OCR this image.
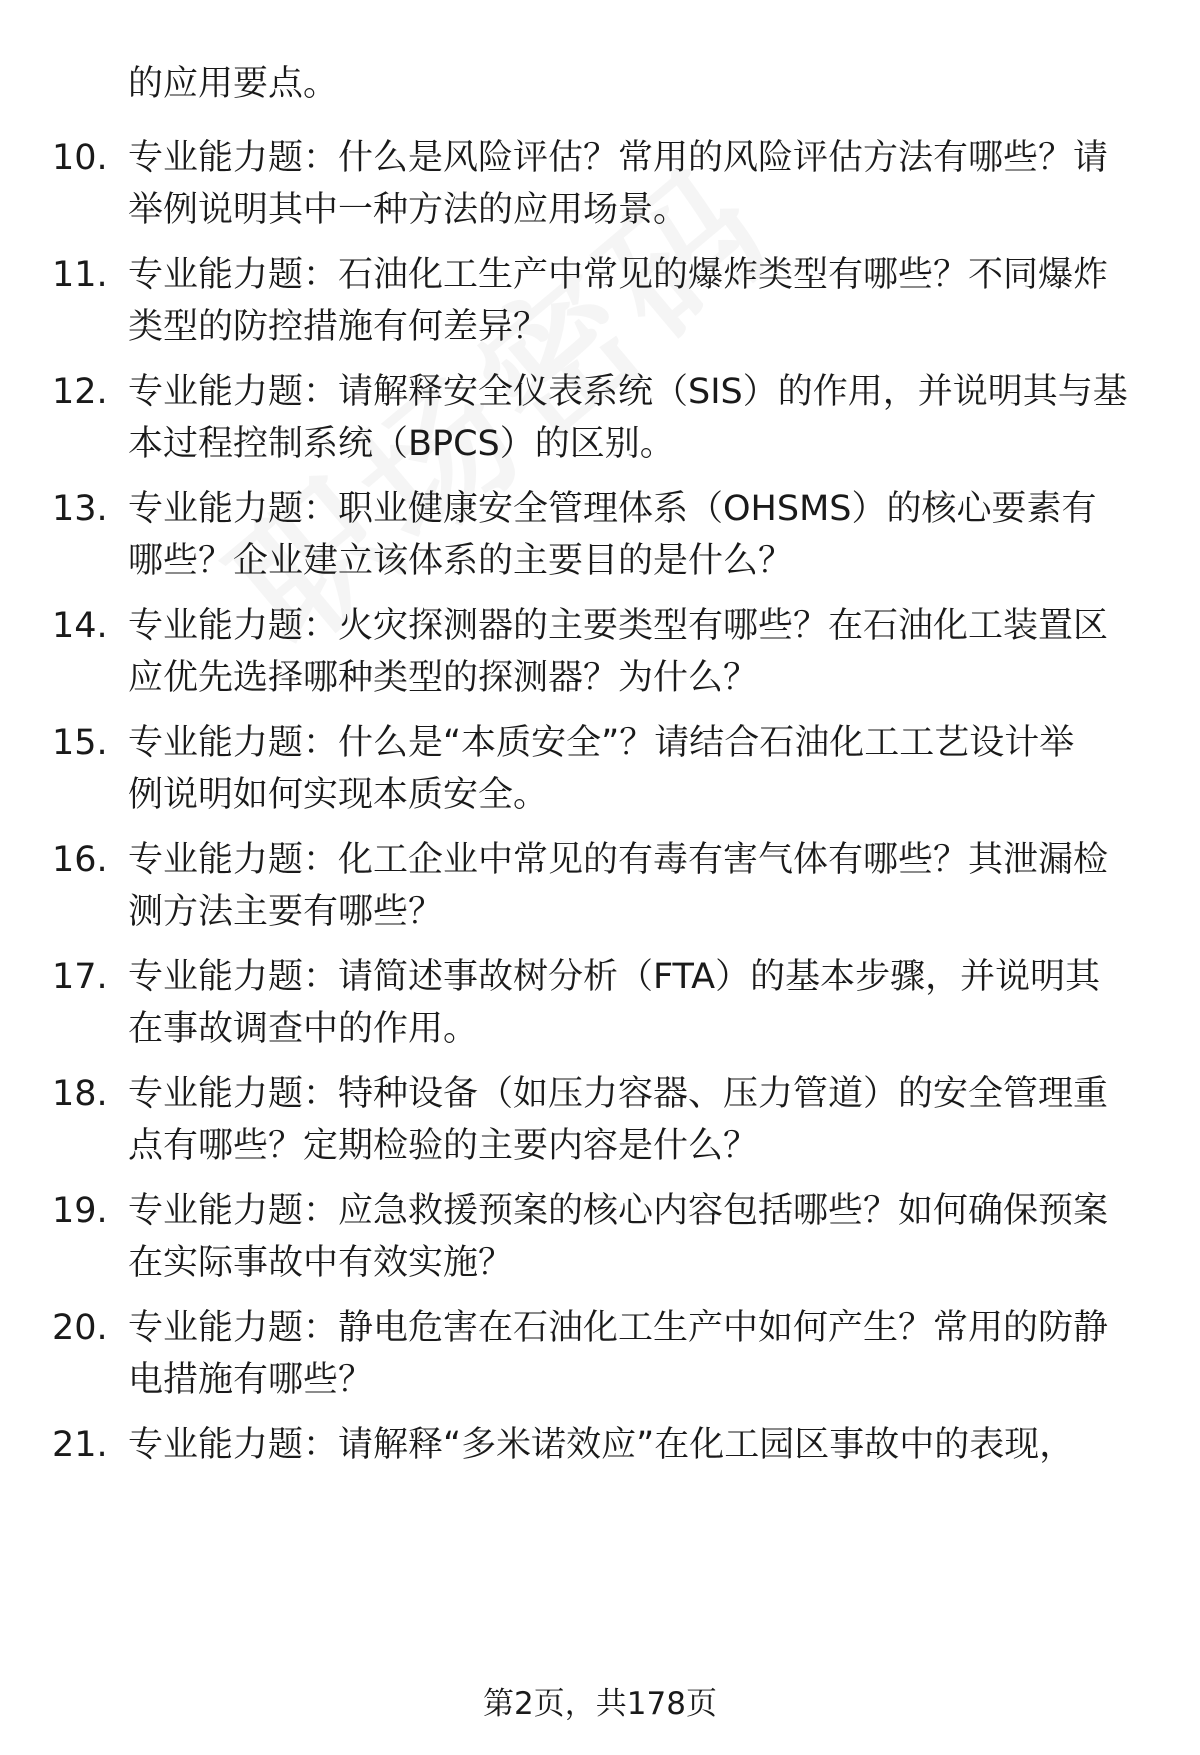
的应用要点。
10. 专业能力题：什么是风险评估？常用的风险评估方法有哪些？请
举例说明其中一种方法的应用场景。
11. 专业能力题：石油化工生产中常见的爆炸类型有哪些？不同爆炸
类型的防控措施有何差异？
12. 专业能力题：请解释安全仪表系统（SIS）的作用，并说明其与基
本过程控制系统（BPCS）的区别。
13. 专业能力题：职业健康安全管理体系（OHSMS）的核心要素有
哪些？企业建立该体系的主要目的是什么？
14. 专业能力题：火灾探测器的主要类型有哪些？在石油化工装置区
应优先选择哪种类型的探测器？为什么？
15. 专业能力题：什么是“本质安全”？请结合石油化工工艺设计举
例说明如何实现本质安全。
16. 专业能力题：化工企业中常见的有毒有害气体有哪些？其泄漏检
测方法主要有哪些？
17. 专业能力题：请简述事故树分析（FTA）的基本步骤，并说明其
在事故调查中的作用。
18. 专业能力题：特种设备（如压力容器、压力管道）的安全管理重
点有哪些？定期检验的主要内容是什么？
19. 专业能力题：应急救援预案的核心内容包括哪些？如何确保预案
在实际事故中有效实施？
20. 专业能力题：静电危害在石油化工生产中如何产生？常用的防静
电措施有哪些？
21. 专业能力题：请解释“多米诺效应”在化工园区事故中的表现，
第2页，共178页
